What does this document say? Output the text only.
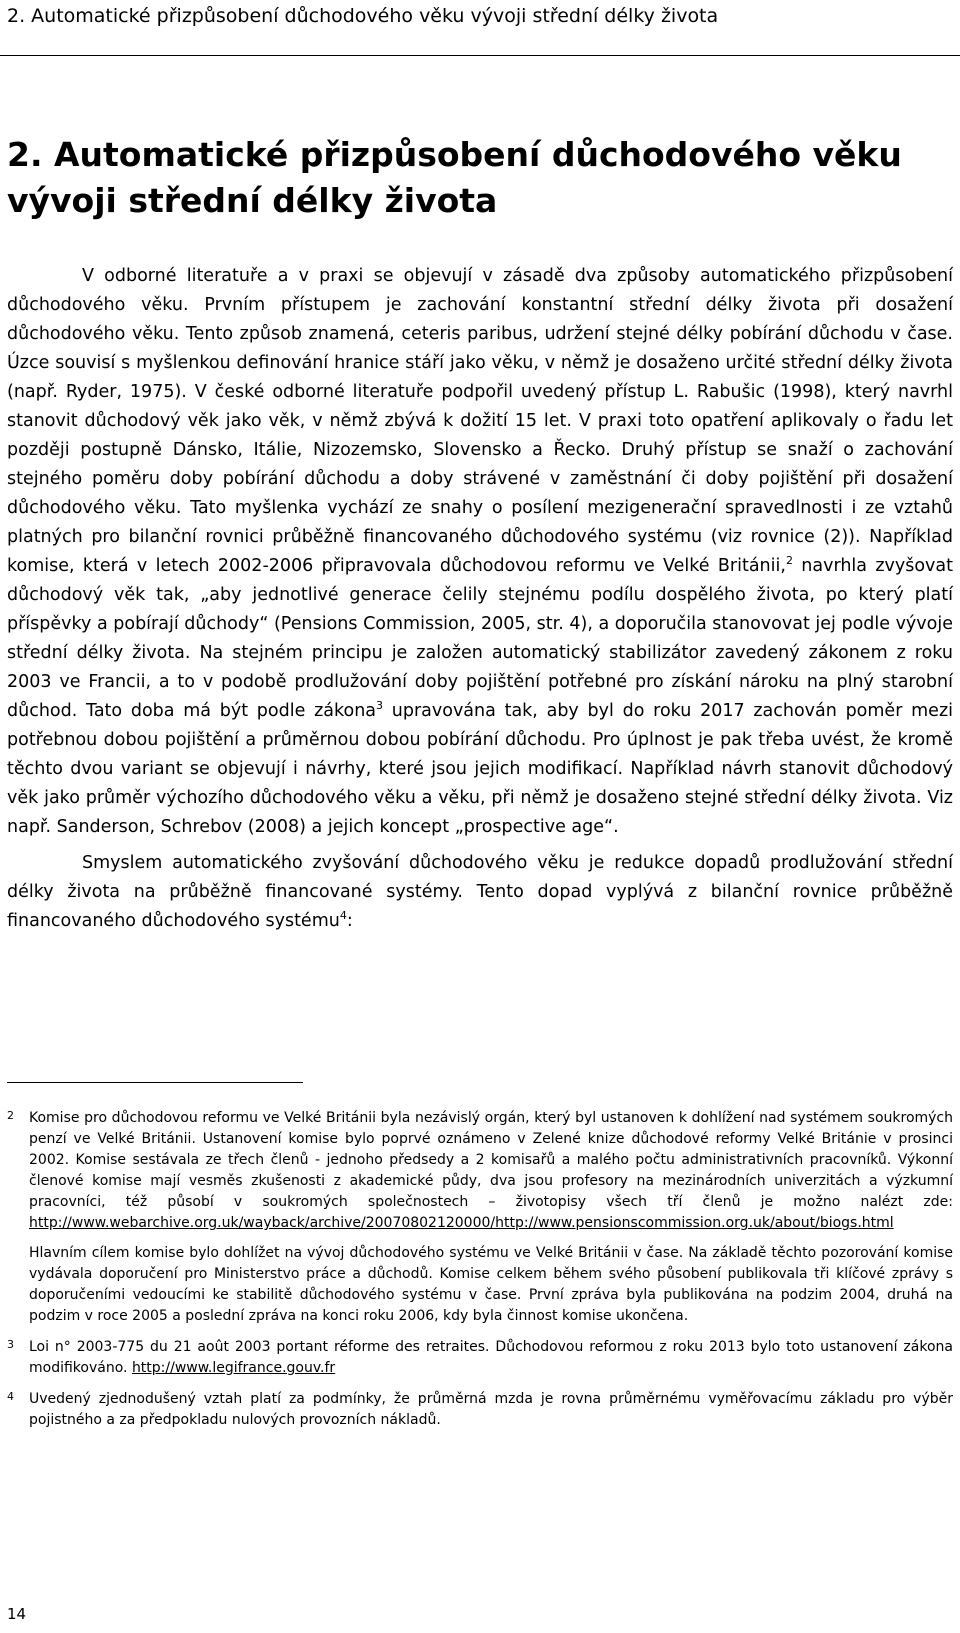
2. Automatické přizpůsobení důchodového věku vývoji střední délky života
2. Automatické přizpůsobení důchodového věku vývoji střední délky života

V odborné literatuře a v praxi se objevují v zásadě dva způsoby automatického přizpůsobení důchodového věku. Prvním přístupem je zachování konstantní střední délky života při dosažení důchodového věku. Tento způsob znamená, ceteris paribus, udržení stejné délky pobírání důchodu v čase. Úzce souvisí s myšlenkou definování hranice stáří jako věku, v němž je dosaženo určité střední délky života (např. Ryder, 1975). V české odborné literatuře podpořil uvedený přístup L. Rabušic (1998), který navrhl stanovit důchodový věk jako věk, v němž zbývá k dožití 15 let. V praxi toto opatření aplikovaly o řadu let později postupně Dánsko, Itálie, Nizozemsko, Slovensko a Řecko. Druhý přístup se snaží o zachování stejného poměru doby pobírání důchodu a doby strávené v zaměstnání či doby pojištění při dosažení důchodového věku. Tato myšlenka vychází ze snahy o posílení mezigenerační spravedlnosti i ze vztahů platných pro bilanční rovnici průběžně financovaného důchodového systému (viz rovnice (2)). Například komise, která v letech 2002-2006 připravovala důchodovou reformu ve Velké Británii,$^2$ navrhla zvyšovat důchodový věk tak, „aby jednotlivé generace čelily stejnému podílu dospělého života, po který platí příspěvky a pobírají důchody“ (Pensions Commission, 2005, str. 4), a doporučila stanovovat jej podle vývoje střední délky života. Na stejném principu je založen automatický stabilizátor zavedený zákonem z roku 2003 ve Francii, a to v podobě prodlužování doby pojištění potřebné pro získání nároku na plný starobní důchod. Tato doba má být podle zákona$^3$ upravována tak, aby byl do roku 2017 zachován poměr mezi potřebnou dobou pojištění a průměrnou dobou pobírání důchodu. Pro úplnost je pak třeba uvést, že kromě těchto dvou variant se objevují i návrhy, které jsou jejich modifikací. Například návrh stanovit důchodový věk jako průměr výchozího důchodového věku a věku, při němž je dosaženo stejné střední délky života. Viz např. Sanderson, Schrebov (2008) a jejich koncept „prospective age“.

Smyslem automatického zvyšování důchodového věku je redukce dopadů prodlužování střední délky života na průběžně financované systémy. Tento dopad vyplývá z bilanční rovnice průběžně financovaného důchodového systému$^4$:

2 Komise pro důchodovou reformu ve Velké Británii byla nezávislý orgán, který byl ustanoven k dohlížení nad systémem soukromých penzí ve Velké Británii. Ustanovení komise bylo poprvé oznámeno v Zelené knize důchodové reformy Velké Británie v prosinci 2002. Komise sestávala ze třech členů - jednoho předsedy a 2 komisařů a malého počtu administrativních pracovníků. Výkonní členové komise mají vesměs zkušenosti z akademické půdy, dva jsou profesory na mezinárodních univerzitách a výzkumní pracovníci, též působí v soukromých společnostech – životopisy všech tří členů je možno nalézt zde: http://www.webarchive.org.uk/wayback/archive/20070802120000/http://www.pensionscommission.org.uk/about/biogs.html

Hlavním cílem komise bylo dohlížet na vývoj důchodového systému ve Velké Británii v čase. Na základě těchto pozorování komise vydávala doporučení pro Ministerstvo práce a důchodů. Komise celkem během svého působení publikovala tři klíčové zprávy s doporučeními vedoucími ke stabilitě důchodového systému v čase. První zpráva byla publikována na podzim 2004, druhá na podzim v roce 2005 a poslední zpráva na konci roku 2006, kdy byla činnost komise ukončena.

3 Loi n° 2003-775 du 21 août 2003 portant réforme des retraites. Důchodovou reformou z roku 2013 bylo toto ustanovení zákona modifikováno. http://www.legifrance.gouv.fr

4 Uvedený zjednodušený vztah platí za podmínky, že průměrná mzda je rovna průměrnému vyměřovacímu základu pro výběr pojistného a za předpokladu nulových provozních nákladů.

14
